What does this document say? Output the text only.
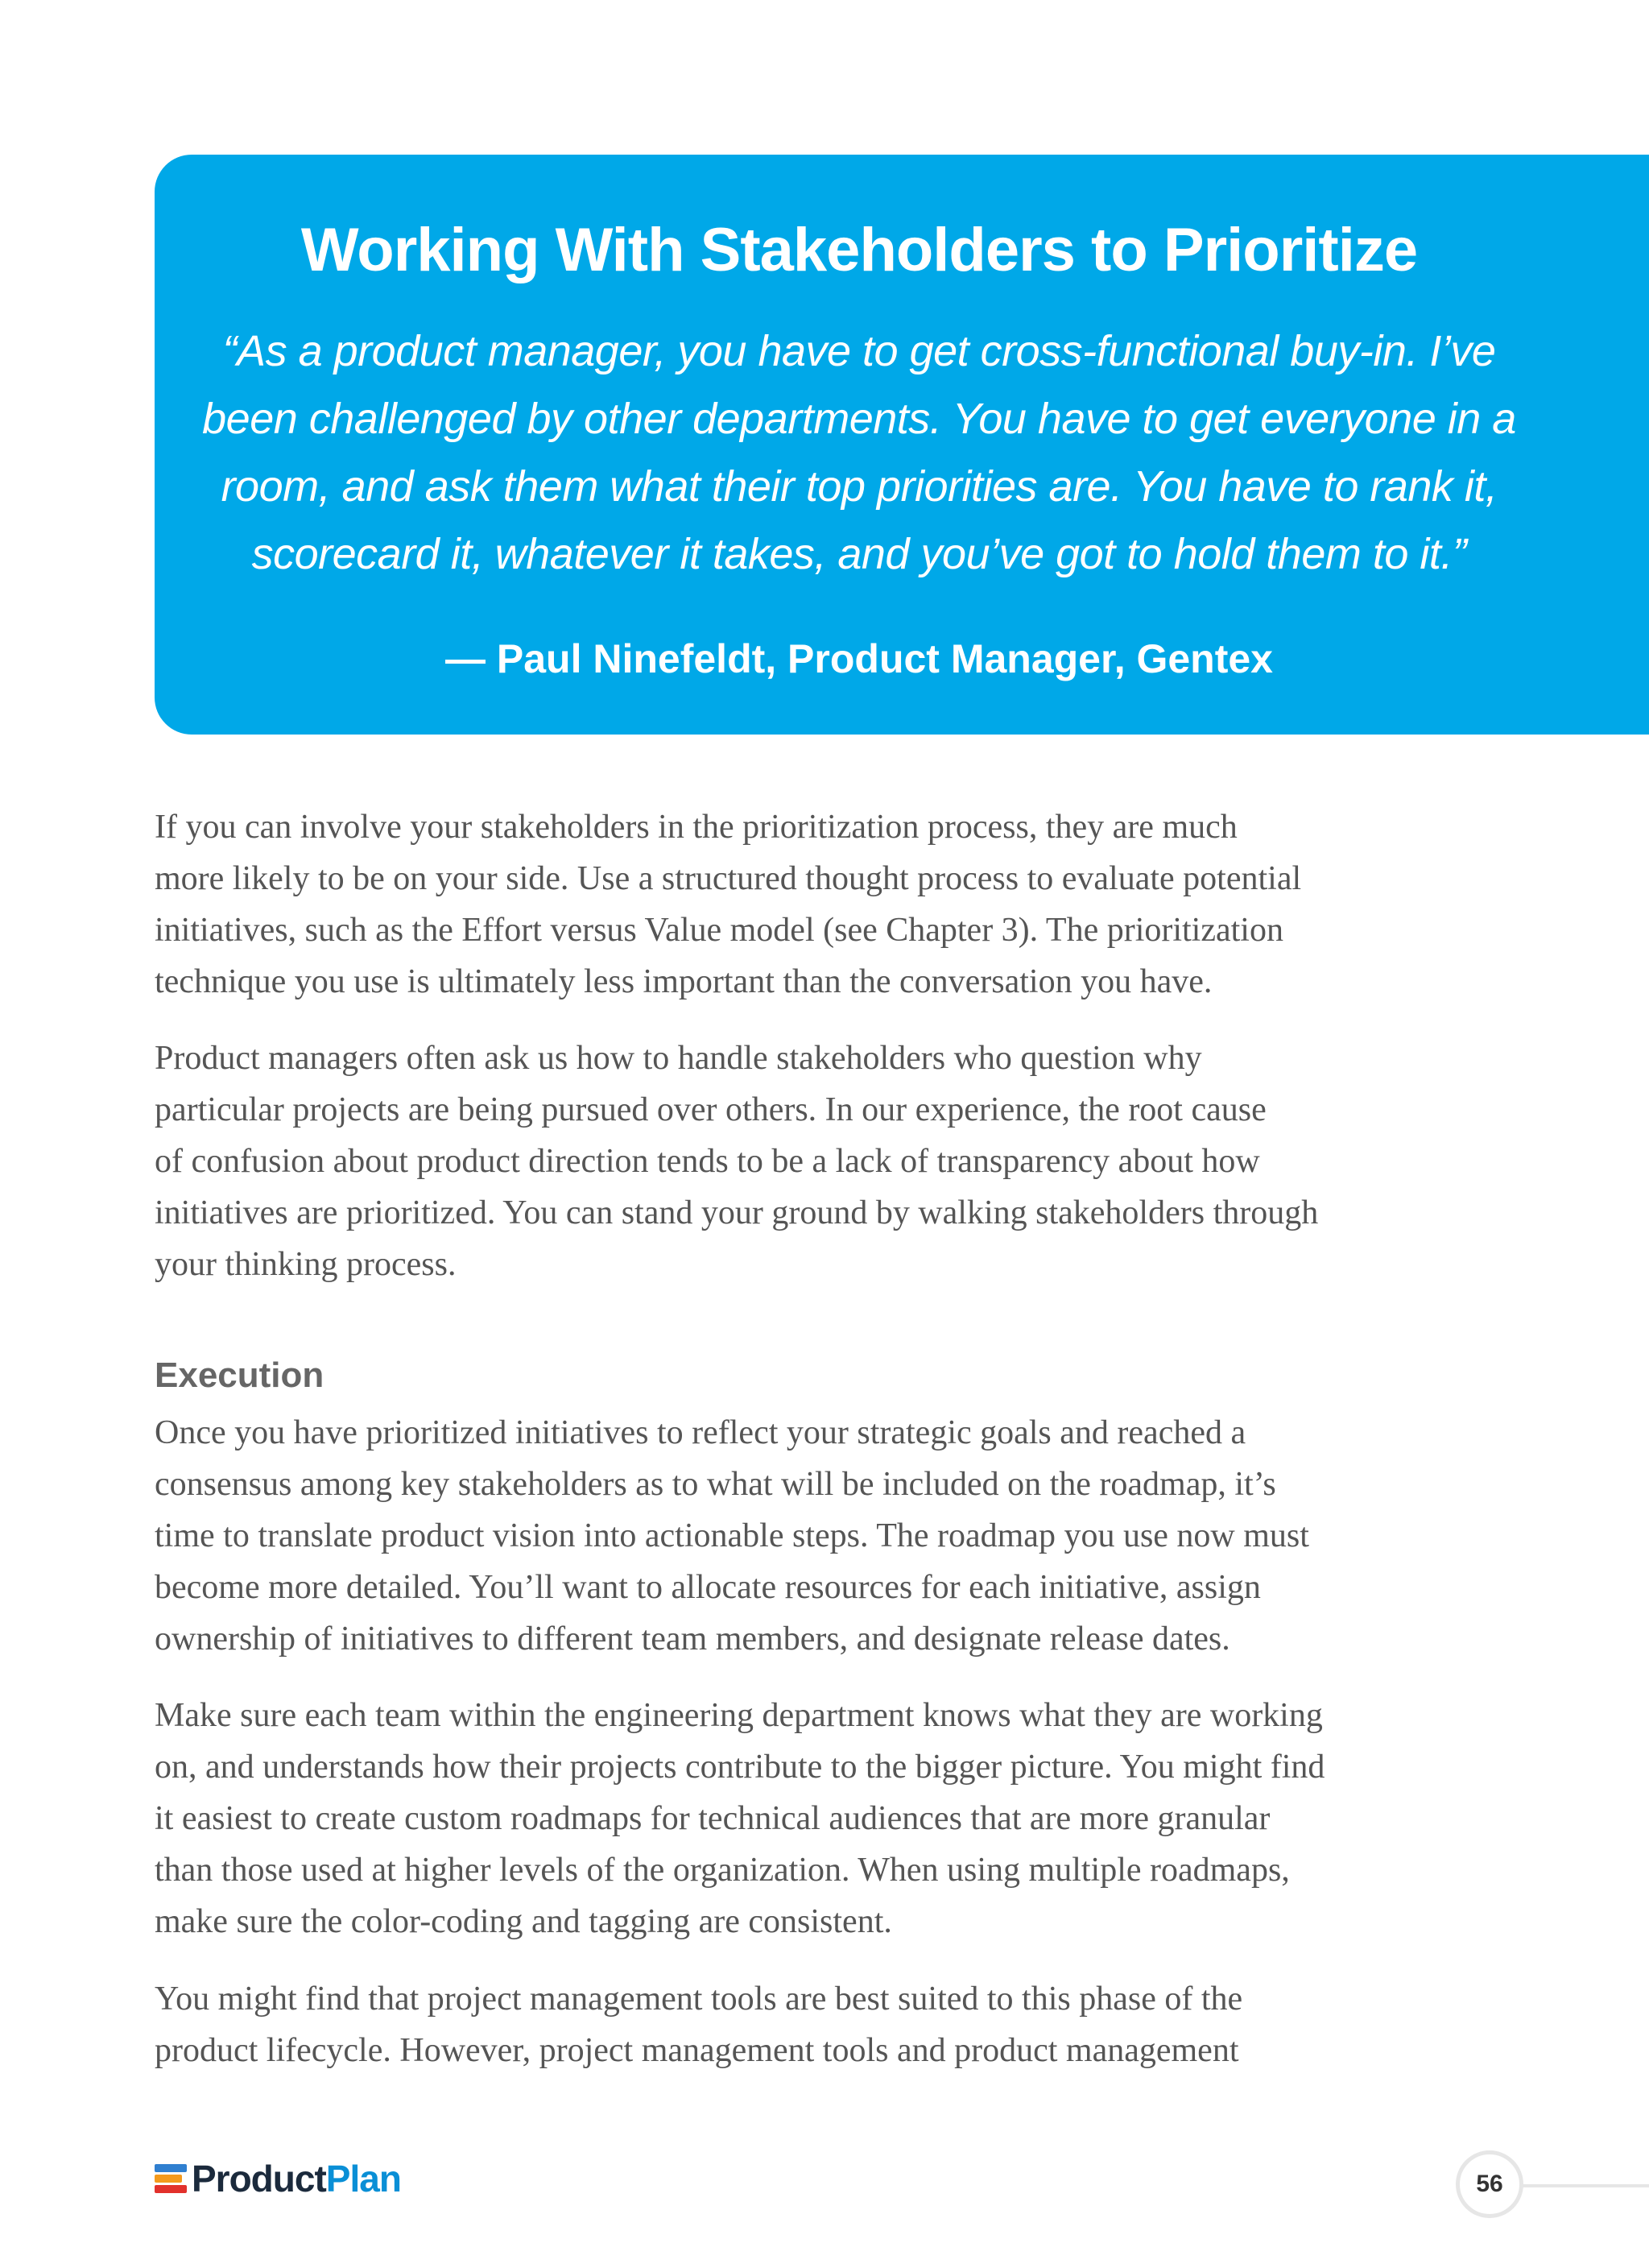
Working With Stakeholders to Prioritize

“As a product manager, you have to get cross-functional buy-in. I’ve
been challenged by other departments. You have to get everyone in a
room, and ask them what their top priorities are. You have to rank it,
scorecard it, whatever it takes, and you’ve got to hold them to it.”

— Paul Ninefeldt, Product Manager, Gentex

If you can involve your stakeholders in the prioritization process, they are much
more likely to be on your side. Use a structured thought process to evaluate potential
initiatives, such as the Effort versus Value model (see Chapter 3). The prioritization
technique you use is ultimately less important than the conversation you have.

Product managers often ask us how to handle stakeholders who question why
particular projects are being pursued over others. In our experience, the root cause
of confusion about product direction tends to be a lack of transparency about how
initiatives are prioritized. You can stand your ground by walking stakeholders through
your thinking process.

Execution

Once you have prioritized initiatives to reflect your strategic goals and reached a
consensus among key stakeholders as to what will be included on the roadmap, it’s
time to translate product vision into actionable steps. The roadmap you use now must
become more detailed. You’ll want to allocate resources for each initiative, assign
ownership of initiatives to different team members, and designate release dates.

Make sure each team within the engineering department knows what they are working
on, and understands how their projects contribute to the bigger picture. You might find
it easiest to create custom roadmaps for technical audiences that are more granular
than those used at higher levels of the organization. When using multiple roadmaps,
make sure the color-coding and tagging are consistent.

You might find that project management tools are best suited to this phase of the
product lifecycle. However, project management tools and product management

ProductPlan	56
